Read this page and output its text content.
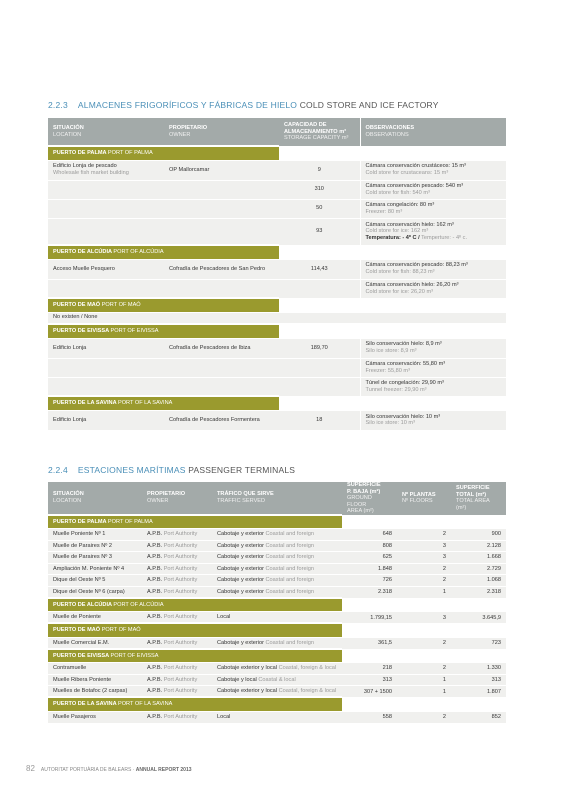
2.2.3 ALMACENES FRIGORÍFICOS Y FÁBRICAS DE HIELO COLD STORE AND ICE FACTORY
SITUACIÓN
LOCATION	PROPIETARIO
OWNER	CAPACIDAD DE
ALMACENAMIENTO m³
STORAGE CAPACITY m³	OBSERVACIONES
OBSERVATIONS

PUERTO DE PALMA PORT OF PALMA			

Edificio Lonja de pescado
Wholesale fish market building	OP Mallorcamar	9	Cámara conservación crustáceos: 15 m³
Cold store for crustaceans: 15 m³
		310	Cámara conservación pescado: 540 m³
Cold store for fish: 540 m³
		50	Cámara congelación: 80 m³
Freezer: 80 m³
		93	Cámara conservación hielo: 162 m³
Cold store for ice: 162 m³
Temperatura: - 4º C / Temperture: - 4º c.
PUERTO DE ALCÚDIA PORT OF ALCÚDIA			
Acceso Muelle Pesquero	Cofradía de Pescadores de San Pedro	114,43	Cámara conservación pescado: 88,23 m³
Cold store for fish: 88,23 m³

			Cámara conservación hielo: 26,20 m³
Cold store for ice: 26,20 m³
PUERTO DE MAÓ PORT OF MAÓ			
No existen / None			
PUERTO DE EIVISSA PORT OF EIVISSA			
Edificio Lonja	Cofradía de Pescadores de Ibiza	189,70	Silo conservación hielo: 8,9 m³
Silo ice store: 8,9 m³

			Cámara conservación: 55,80 m³
Freezer: 55,80 m³

			Túnel de congelación: 29,90 m³
Tunnel freezer: 29,90 m³
PUERTO DE LA SAVINA PORT OF LA SAVINA			
Edificio Lonja	Cofradía de Pescadores Formentera	18	Silo conservación hielo: 10 m³
Silo ice store: 10 m³
2.2.4 ESTACIONES MARÍTIMAS PASSENGER TERMINALS
SITUACIÓN
LOCATION	PROPIETARIO
OWNER	TRÁFICO QUE SIRVE
TRAFFIC SERVED	SUPERFICIE
P. BAJA (m²)
GROUND FLOOR
AREA (m²)	Nº PLANTAS
Nº FLOORS	SUPERFICIE
TOTAL (m²)
TOTAL AREA
(m²)

PUERTO DE PALMA PORT OF PALMA					
Muelle Poniente Nº 1	A.P.B. Port Authority	Cabotaje y exterior Coastal and foreign	648	2	900
Muelle de Paraires Nº 2	A.P.B. Port Authority	Cabotaje y exterior Coastal and foreign	808	3	2.128
Muelle de Paraires Nº 3	A.P.B. Port Authority	Cabotaje y exterior Coastal and foreign	625	3	1.668
Ampliación M. Poniente Nº 4	A.P.B. Port Authority	Cabotaje y exterior Coastal and foreign	1.848	2	2.729
Dique del Oeste Nº 5	A.P.B. Port Authority	Cabotaje y exterior Coastal and foreign	726	2	1.068
Dique del Oeste Nº 6 (carpa)	A.P.B. Port Authority	Cabotaje y exterior Coastal and foreign	2.318	1	2.318
PUERTO DE ALCÚDIA PORT OF ALCÚDIA					
Muelle de Poniente	A.P.B. Port Authority	Local	1.799,15	3	3.645,9
PUERTO DE MAÓ PORT OF MAÓ					
Muelle Comercial E.M.	A.P.B. Port Authority	Cabotaje y exterior Coastal and foreign	361,5	2	723
PUERTO DE EIVISSA PORT OF EIVISSA					
Contramuelle	A.P.B. Port Authority	Cabotaje exterior y local Coastal, foreign & local	218	2	1.330
Muelle Ribera Poniente	A.P.B. Port Authority	Cabotaje y local Coastal & local	313	1	313
Muelles de Botafoc (2 carpas)	A.P.B. Port Authority	Cabotaje exterior y local Coastal, foreign & local	307 + 1500	1	1.807
PUERTO DE LA SAVINA PORT OF LA SAVINA					
Muelle Pasajeros	A.P.B. Port Authority	Local	558	2	852
82 AUTORITAT PORTUÀRIA DE BALEARS · ANNUAL REPORT 2013
